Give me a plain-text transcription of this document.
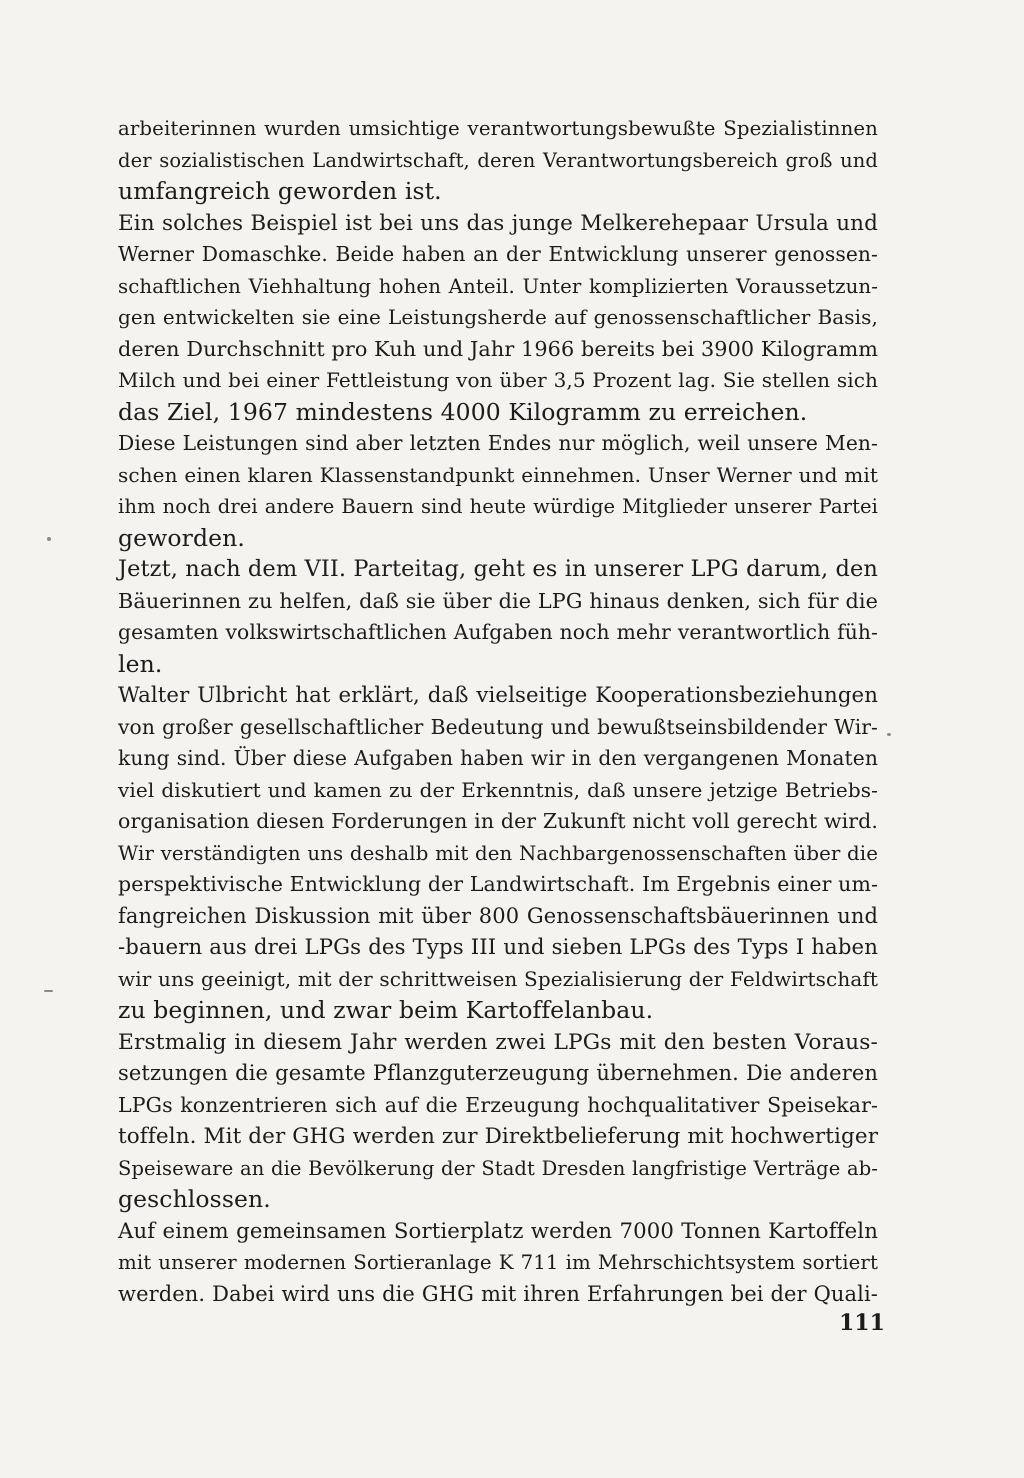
arbeiterinnen wurden umsichtige verantwortungsbewußte Spezialistinnen
der sozialistischen Landwirtschaft, deren Verantwortungsbereich groß und
umfangreich geworden ist.
Ein solches Beispiel ist bei uns das junge Melkerehepaar Ursula und
Werner Domaschke. Beide haben an der Entwicklung unserer genossen-
schaftlichen Viehhaltung hohen Anteil. Unter komplizierten Voraussetzun-
gen entwickelten sie eine Leistungsherde auf genossenschaftlicher Basis,
deren Durchschnitt pro Kuh und Jahr 1966 bereits bei 3900 Kilogramm
Milch und bei einer Fettleistung von über 3,5 Prozent lag. Sie stellen sich
das Ziel, 1967 mindestens 4000 Kilogramm zu erreichen.
Diese Leistungen sind aber letzten Endes nur möglich, weil unsere Men-
schen einen klaren Klassenstandpunkt einnehmen. Unser Werner und mit
ihm noch drei andere Bauern sind heute würdige Mitglieder unserer Partei
geworden.
Jetzt, nach dem VII. Parteitag, geht es in unserer LPG darum, den
Bäuerinnen zu helfen, daß sie über die LPG hinaus denken, sich für die
gesamten volkswirtschaftlichen Aufgaben noch mehr verantwortlich füh-
len.
Walter Ulbricht hat erklärt, daß vielseitige Kooperationsbeziehungen
von großer gesellschaftlicher Bedeutung und bewußtseinsbildender Wir-
kung sind. Über diese Aufgaben haben wir in den vergangenen Monaten
viel diskutiert und kamen zu der Erkenntnis, daß unsere jetzige Betriebs-
organisation diesen Forderungen in der Zukunft nicht voll gerecht wird.
Wir verständigten uns deshalb mit den Nachbargenossenschaften über die
perspektivische Entwicklung der Landwirtschaft. Im Ergebnis einer um-
fangreichen Diskussion mit über 800 Genossenschaftsbäuerinnen und
-bauern aus drei LPGs des Typs III und sieben LPGs des Typs I haben
wir uns geeinigt, mit der schrittweisen Spezialisierung der Feldwirtschaft
zu beginnen, und zwar beim Kartoffelanbau.
Erstmalig in diesem Jahr werden zwei LPGs mit den besten Voraus-
setzungen die gesamte Pflanzguterzeugung übernehmen. Die anderen
LPGs konzentrieren sich auf die Erzeugung hochqualitativer Speisekar-
toffeln. Mit der GHG werden zur Direktbelieferung mit hochwertiger
Speiseware an die Bevölkerung der Stadt Dresden langfristige Verträge ab-
geschlossen.
Auf einem gemeinsamen Sortierplatz werden 7000 Tonnen Kartoffeln
mit unserer modernen Sortieranlage K 711 im Mehrschichtsystem sortiert
werden. Dabei wird uns die GHG mit ihren Erfahrungen bei der Quali-
111
